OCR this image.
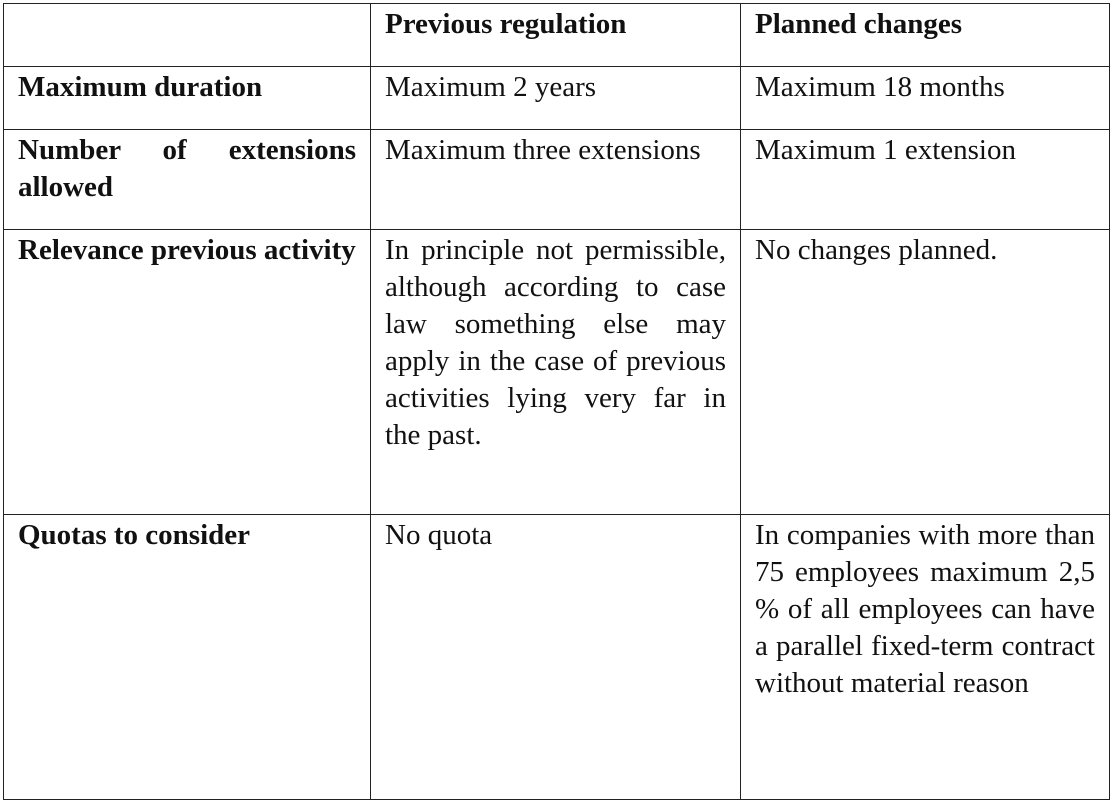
	Previous regulation	Planned changes

Maximum duration	Maximum 2 years	Maximum 18 months

Number of extensions allowed	Maximum three extensions	Maximum 1 extension

Relevance previous activity	In principle not permissible, although according to case law something else may apply in the case of previous activities lying very far in the past.	No changes planned.

Quotas to consider	No quota	In companies with more than 75 employees maximum 2,5 % of all employees can have a parallel fixed-term contract without material reason
